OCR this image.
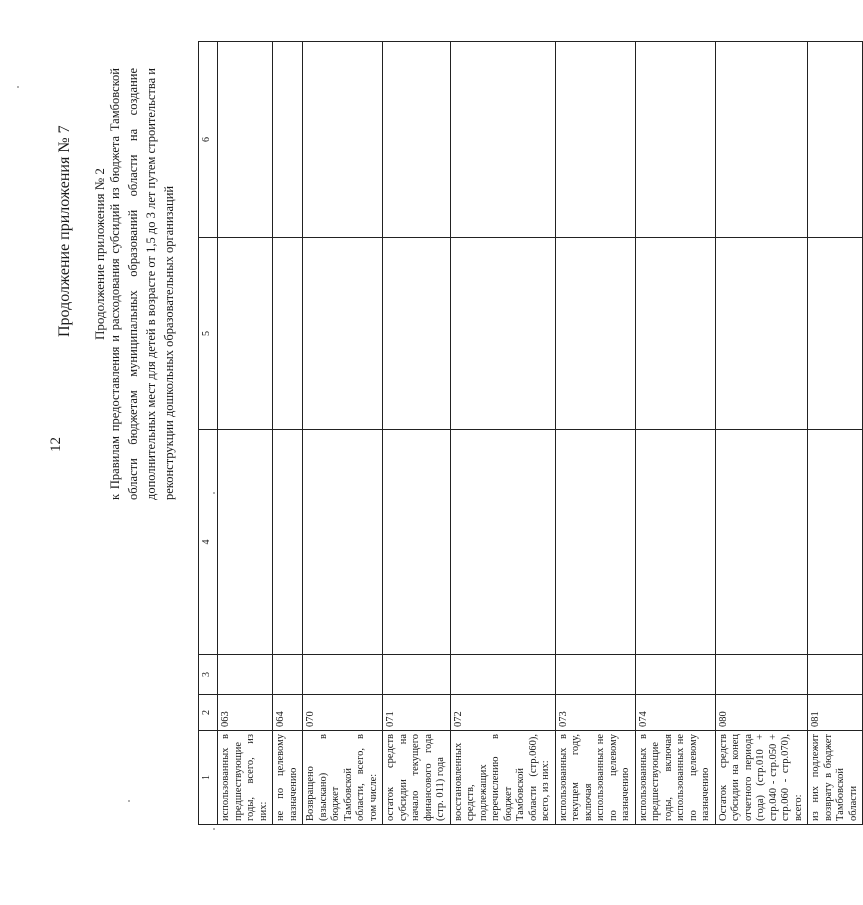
12
Продолжение приложения № 7 Продолжение приложения № 2 к Правилам предоставления и расходования субсидий из бюджета Тамбовской области бюджетам муниципальных образований области на создание дополнительных мест для детей в возрасте от 1,5 до 3 лет путем строительства и реконструкции дошкольных образовательных организаций
1	2	3	4	5	6
использованных в предшествующие годы, всего, из них:	063				
не по целевому назначению	064				
Возвращено (взыскано) в бюджет Тамбовской области, всего, в том числе:	070				
остаток средств субсидии на начало текущего финансового года (стр. 011) года	071				
восстановленных средств, подлежащих перечислению в бюджет Тамбовской области (стр.060), всего, из них:	072				
использованных в текущем году, включая использованных не по целевому назначению	073				
использованных в предшествующие годы, включая использованных не по целевому назначению	074				
Остаток средств субсидии на конец отчетного периода (года) (стр.010 + стр.040 - стр.050 + стр.060 - стр.070), всего:	080				
из них подлежит возврату в бюджет Тамбовской области	081				
